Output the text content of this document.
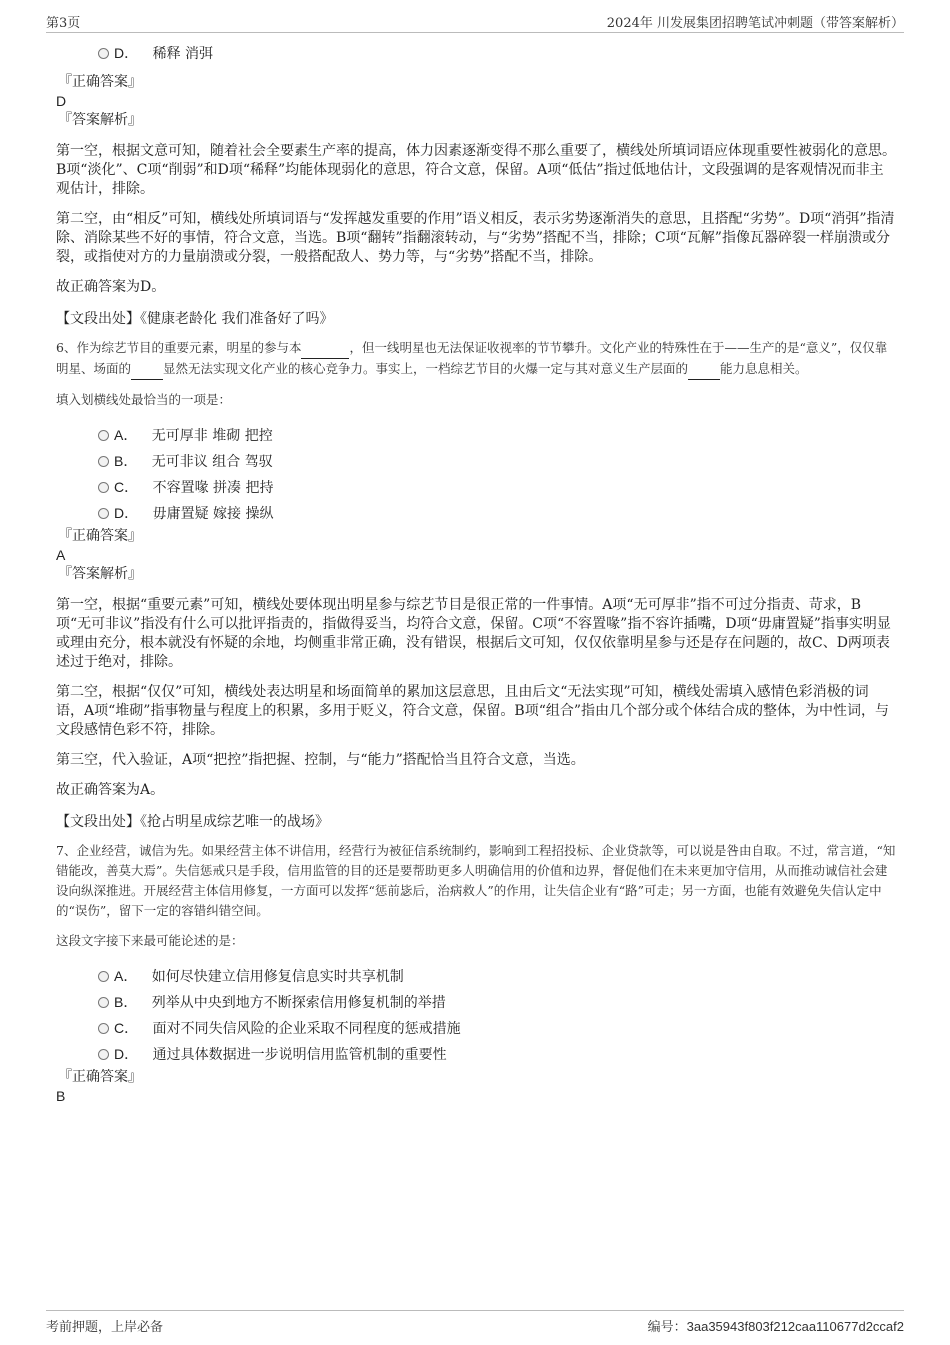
第3页	2024年 川发展集团招聘笔试冲刺题（带答案解析）
D． 稀释 消弭
『正确答案』
D
『答案解析』

第一空，根据文意可知，随着社会全要素生产率的提高，体力因素逐渐变得不那么重要了，横线处所填词语应体现重要性被弱化的意思。B项“淡化”、C项“削弱”和D项“稀释”均能体现弱化的意思，符合文意，保留。A项“低估”指过低地估计，文段强调的是客观情况而非主观估计，排除。

第二空，由“相反”可知，横线处所填词语与“发挥越发重要的作用”语义相反，表示劣势逐渐消失的意思，且搭配“劣势”。D项“消弭”指清除、消除某些不好的事情，符合文意，当选。B项“翻转”指翻滚转动，与“劣势”搭配不当，排除；C项“瓦解”指像瓦器碎裂一样崩溃或分裂，或指使对方的力量崩溃或分裂，一般搭配敌人、势力等，与“劣势”搭配不当，排除。

故正确答案为D。

【文段出处】《健康老龄化 我们准备好了吗》

6、作为综艺节目的重要元素，明星的参与本	，但一线明星也无法保证收视率的节节攀升。文化产业的特殊性在于——生产的是“意义”，仅仅靠明星、场面的	显然无法实现文化产业的核心竞争力。事实上，一档综艺节目的火爆一定与其对意义生产层面的	能力息息相关。

填入划横线处最恰当的一项是：

A． 无可厚非 堆砌 把控
B． 无可非议 组合 驾驭
C． 不容置喙 拼凑 把持
D． 毋庸置疑 嫁接 操纵
『正确答案』
A
『答案解析』

第一空，根据“重要元素”可知，横线处要体现出明星参与综艺节目是很正常的一件事情。A项“无可厚非”指不可过分指责、苛求，B项“无可非议”指没有什么可以批评指责的，指做得妥当，均符合文意，保留。C项“不容置喙”指不容许插嘴，D项“毋庸置疑”指事实明显或理由充分，根本就没有怀疑的余地，均侧重非常正确，没有错误，根据后文可知，仅仅依靠明星参与还是存在问题的，故C、D两项表述过于绝对，排除。

第二空，根据“仅仅”可知，横线处表达明星和场面简单的累加这层意思，且由后文“无法实现”可知，横线处需填入感情色彩消极的词语，A项“堆砌”指事物量与程度上的积累，多用于贬义，符合文意，保留。B项“组合”指由几个部分或个体结合成的整体，为中性词，与文段感情色彩不符，排除。

第三空，代入验证，A项“把控”指把握、控制，与“能力”搭配恰当且符合文意，当选。

故正确答案为A。

【文段出处】《抢占明星成综艺唯一的战场》

7、企业经营，诚信为先。如果经营主体不讲信用，经营行为被征信系统制约，影响到工程招投标、企业贷款等，可以说是咎由自取。不过，常言道，“知错能改，善莫大焉”。失信惩戒只是手段，信用监管的目的还是要帮助更多人明确信用的价值和边界，督促他们在未来更加守信用，从而推动诚信社会建设向纵深推进。开展经营主体信用修复，一方面可以发挥“惩前毖后，治病救人”的作用，让失信企业有“路”可走；另一方面，也能有效避免失信认定中的“误伤”，留下一定的容错纠错空间。

这段文字接下来最可能论述的是：

A． 如何尽快建立信用修复信息实时共享机制
B． 列举从中央到地方不断探索信用修复机制的举措
C． 面对不同失信风险的企业采取不同程度的惩戒措施
D． 通过具体数据进一步说明信用监管机制的重要性
『正确答案』
B
考前押题，上岸必备	编号：3aa35943f803f212caa110677d2ccaf2
